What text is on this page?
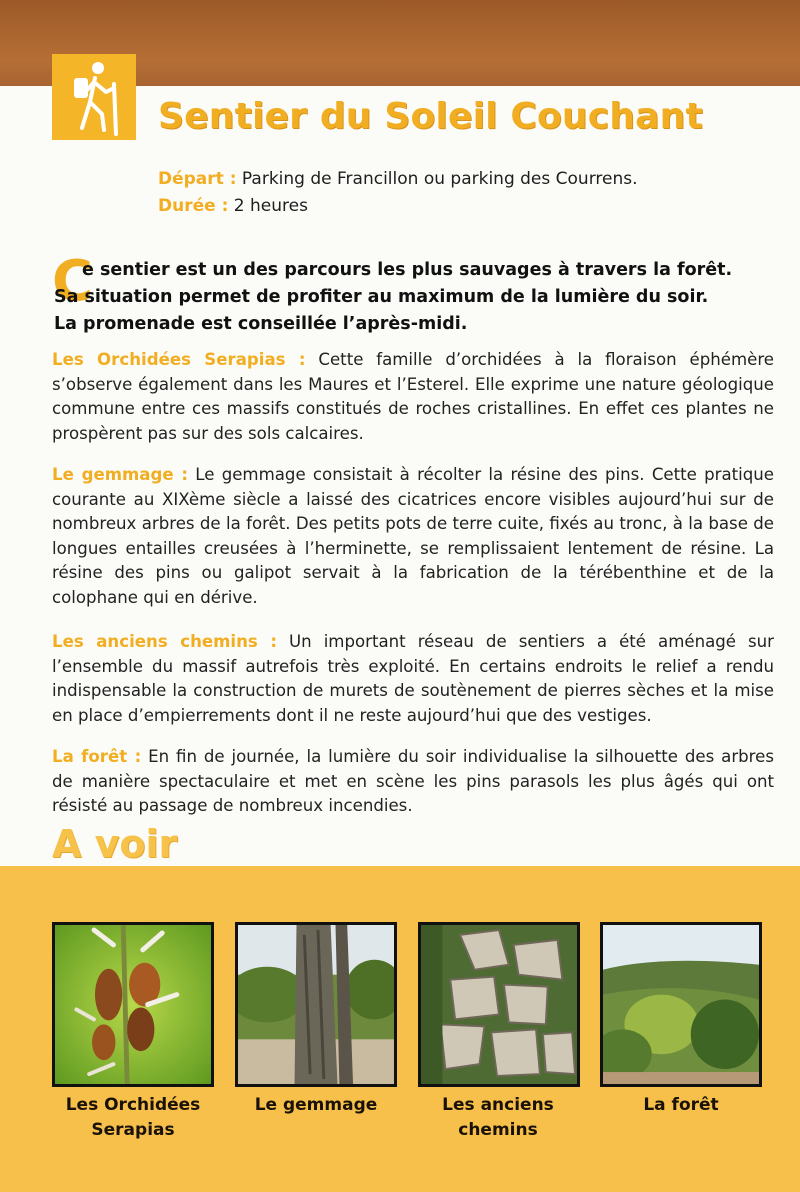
Sentier du Soleil Couchant
Départ : Parking de Francillon ou parking des Courrens.
Durée : 2 heures
C
e sentier est un des parcours les plus sauvages à travers la forêt.
Sa situation permet de profiter au maximum de la lumière du soir.
La promenade est conseillée l’après-midi.
Les Orchidées Serapias : Cette famille d’orchidées à la floraison éphémère s’observe également dans les Maures et l’Esterel. Elle exprime une nature géologique commune entre ces massifs constitués de roches cristallines. En effet ces plantes ne prospèrent pas sur des sols calcaires.
Le gemmage : Le gemmage consistait à récolter la résine des pins. Cette pratique courante au XIXème siècle a laissé des cicatrices encore visibles aujourd’hui sur de nombreux arbres de la forêt. Des petits pots de terre cuite, fixés au tronc, à la base de longues entailles creusées à l’herminette, se remplissaient lentement de résine. La résine des pins ou galipot servait à la fabrication de la térébenthine et de la colophane qui en dérive.
Les anciens chemins : Un important réseau de sentiers a été aménagé sur l’ensemble du massif autrefois très exploité. En certains endroits le relief a rendu indispensable la construction de murets de soutènement de pierres sèches et la mise en place d’empierrements dont il ne reste aujourd’hui que des vestiges.
La forêt : En fin de journée, la lumière du soir individualise la silhouette des arbres de manière spectaculaire et met en scène les pins parasols les plus âgés qui ont résisté au passage de nombreux incendies.
A voir
Les Orchidées
Serapias
Le gemmage	Les anciens
chemins
La forêt
